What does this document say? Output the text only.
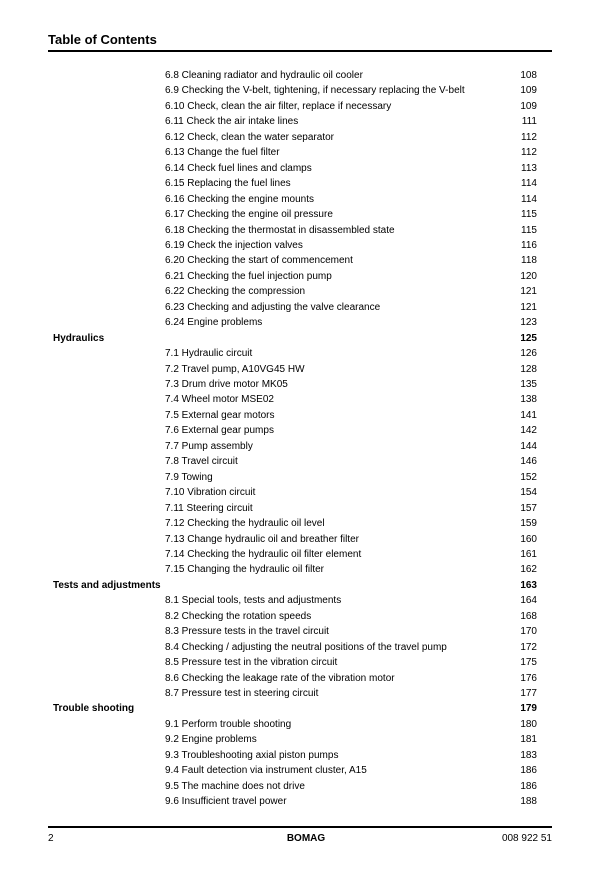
Table of Contents
6.8 Cleaning radiator and hydraulic oil cooler	108
6.9 Checking the V-belt, tightening, if necessary replacing the V-belt	109
6.10 Check, clean the air filter, replace if necessary	109
6.11 Check the air intake lines	111
6.12 Check, clean the water separator	112
6.13 Change the fuel filter	112
6.14 Check fuel lines and clamps	113
6.15 Replacing the fuel lines	114
6.16 Checking the engine mounts	114
6.17 Checking the engine oil pressure	115
6.18 Checking the thermostat in disassembled state	115
6.19 Check the injection valves	116
6.20 Checking the start of commencement	118
6.21 Checking the fuel injection pump	120
6.22 Checking the compression	121
6.23 Checking and adjusting the valve clearance	121
6.24 Engine problems	123
Hydraulics	125
7.1 Hydraulic circuit	126
7.2 Travel pump, A10VG45 HW	128
7.3 Drum drive motor MK05	135
7.4 Wheel motor MSE02	138
7.5 External gear motors	141
7.6 External gear pumps	142
7.7 Pump assembly	144
7.8 Travel circuit	146
7.9 Towing	152
7.10 Vibration circuit	154
7.11 Steering circuit	157
7.12 Checking the hydraulic oil level	159
7.13 Change hydraulic oil and breather filter	160
7.14 Checking the hydraulic oil filter element	161
7.15 Changing the hydraulic oil filter	162
Tests and adjustments	163
8.1 Special tools, tests and adjustments	164
8.2 Checking the rotation speeds	168
8.3 Pressure tests in the travel circuit	170
8.4 Checking / adjusting the neutral positions of the travel pump	172
8.5 Pressure test in the vibration circuit	175
8.6 Checking the leakage rate of the vibration motor	176
8.7 Pressure test in steering circuit	177
Trouble shooting	179
9.1 Perform trouble shooting	180
9.2 Engine problems	181
9.3 Troubleshooting axial piston pumps	183
9.4 Fault detection via instrument cluster, A15	186
9.5 The machine does not drive	186
9.6 Insufficient travel power	188
2	BOMAG	008 922 51
